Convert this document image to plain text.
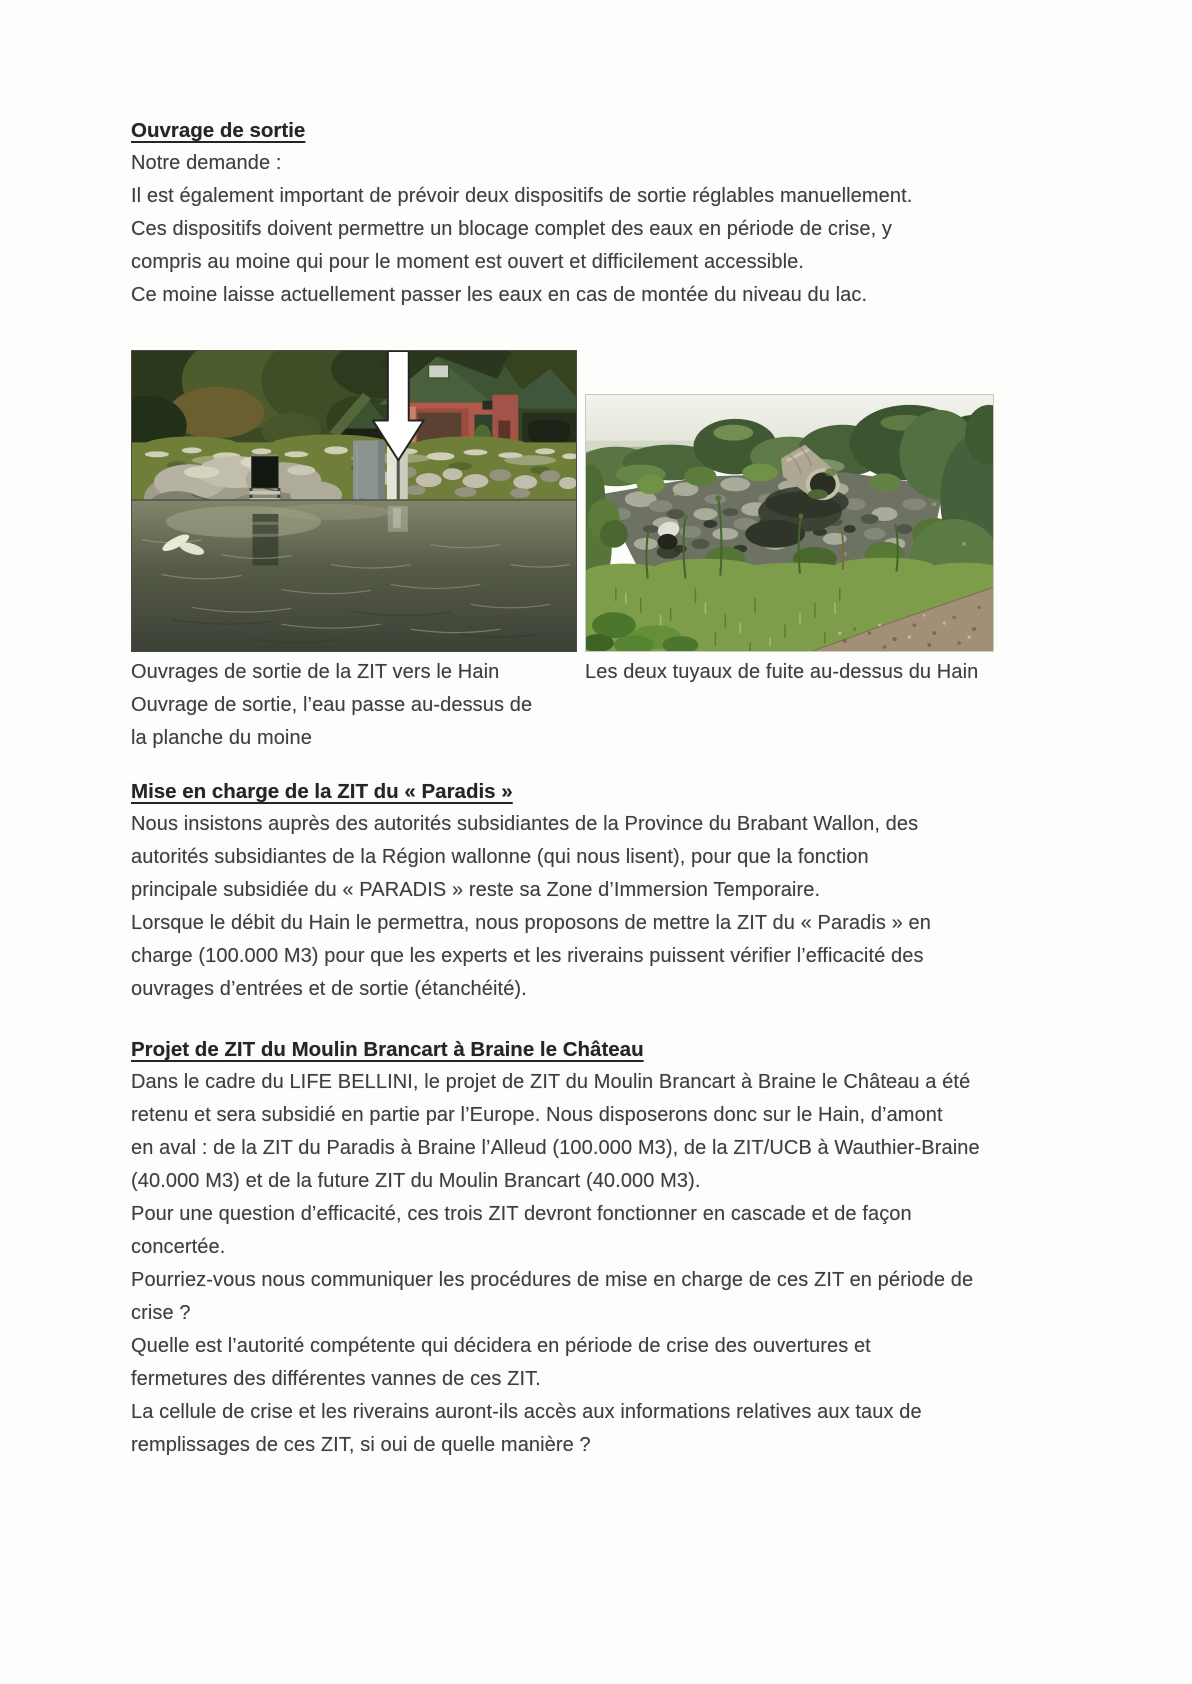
Ouvrage de sortie

Notre demande :

Il est également important de prévoir deux dispositifs de sortie réglables manuellement.

Ces dispositifs doivent permettre un blocage complet des eaux en période de crise, y

compris au moine qui pour le moment est ouvert et difficilement accessible.

Ce moine laisse actuellement passer les eaux en cas de montée du niveau du lac.

Ouvrages de sortie de la ZIT vers le Hain

Ouvrage de sortie, l’eau passe au-dessus de

la planche du moine

Les deux tuyaux de fuite au-dessus du Hain

Mise en charge de la ZIT du « Paradis »

Nous insistons auprès des autorités subsidiantes de la Province du Brabant Wallon, des

autorités subsidiantes de la Région wallonne (qui nous lisent), pour que la fonction

principale subsidiée du « PARADIS » reste sa Zone d’Immersion Temporaire.

Lorsque le débit du Hain le permettra, nous proposons de mettre la ZIT du « Paradis » en

charge (100.000 M3) pour que les experts et les riverains puissent vérifier l’efficacité des

ouvrages d’entrées et de sortie (étanchéité).

Projet de ZIT du Moulin Brancart à Braine le Château

Dans le cadre du LIFE BELLINI, le projet de ZIT du Moulin Brancart à Braine le Château a été

retenu et sera subsidié en partie par l’Europe. Nous disposerons donc sur le Hain, d’amont

en aval : de la ZIT du Paradis à Braine l’Alleud (100.000 M3), de la ZIT/UCB à Wauthier-Braine

(40.000 M3) et de la future ZIT du Moulin Brancart (40.000 M3).

Pour une question d’efficacité, ces trois ZIT devront fonctionner en cascade et de façon

concertée.

Pourriez-vous nous communiquer les procédures de mise en charge de ces ZIT en période de

crise ?

Quelle est l’autorité compétente qui décidera en période de crise des ouvertures et

fermetures des différentes vannes de ces ZIT.

La cellule de crise et les riverains auront-ils accès aux informations relatives aux taux de

remplissages de ces ZIT, si oui de quelle manière ?
